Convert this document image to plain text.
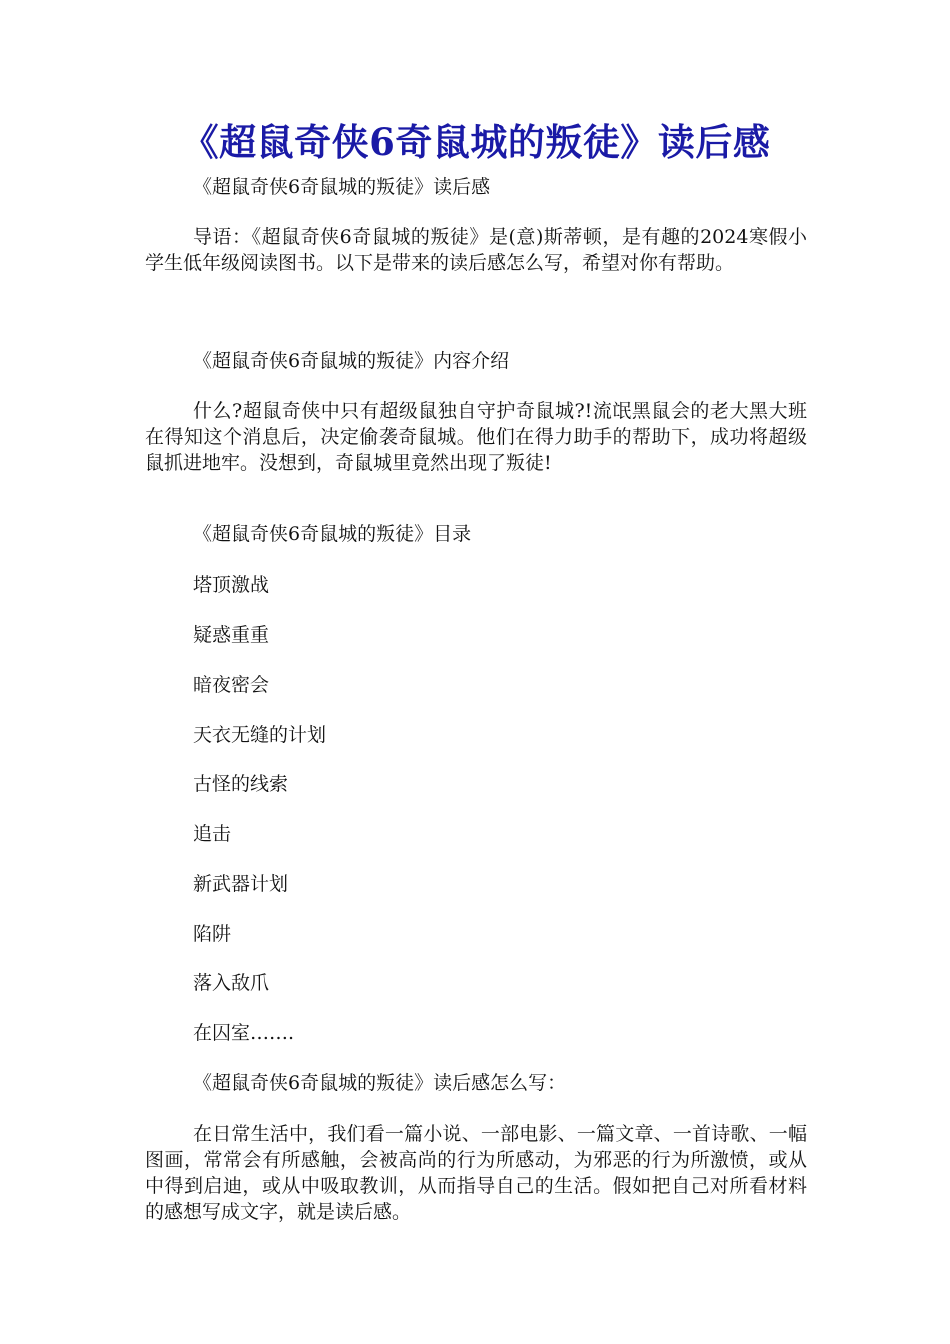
《超鼠奇侠6奇鼠城的叛徒》读后感
《超鼠奇侠6奇鼠城的叛徒》读后感

导语：《超鼠奇侠6奇鼠城的叛徒》是(意)斯蒂顿，是有趣的2024寒假小学生低年级阅读图书。以下是带来的读后感怎么写，希望对你有帮助。

《超鼠奇侠6奇鼠城的叛徒》内容介绍

什么?超鼠奇侠中只有超级鼠独自守护奇鼠城?!流氓黑鼠会的老大黑大班在得知这个消息后，决定偷袭奇鼠城。他们在得力助手的帮助下，成功将超级鼠抓进地牢。没想到，奇鼠城里竟然出现了叛徒!

《超鼠奇侠6奇鼠城的叛徒》目录

塔顶激战

疑惑重重

暗夜密会

天衣无缝的计划

古怪的线索

追击

新武器计划

陷阱

落入敌爪

在囚室…….

《超鼠奇侠6奇鼠城的叛徒》读后感怎么写：

在日常生活中，我们看一篇小说、一部电影、一篇文章、一首诗歌、一幅图画，常常会有所感触，会被高尚的行为所感动，为邪恶的行为所激愤，或从中得到启迪，或从中吸取教训，从而指导自己的生活。假如把自己对所看材料的感想写成文字，就是读后感。
